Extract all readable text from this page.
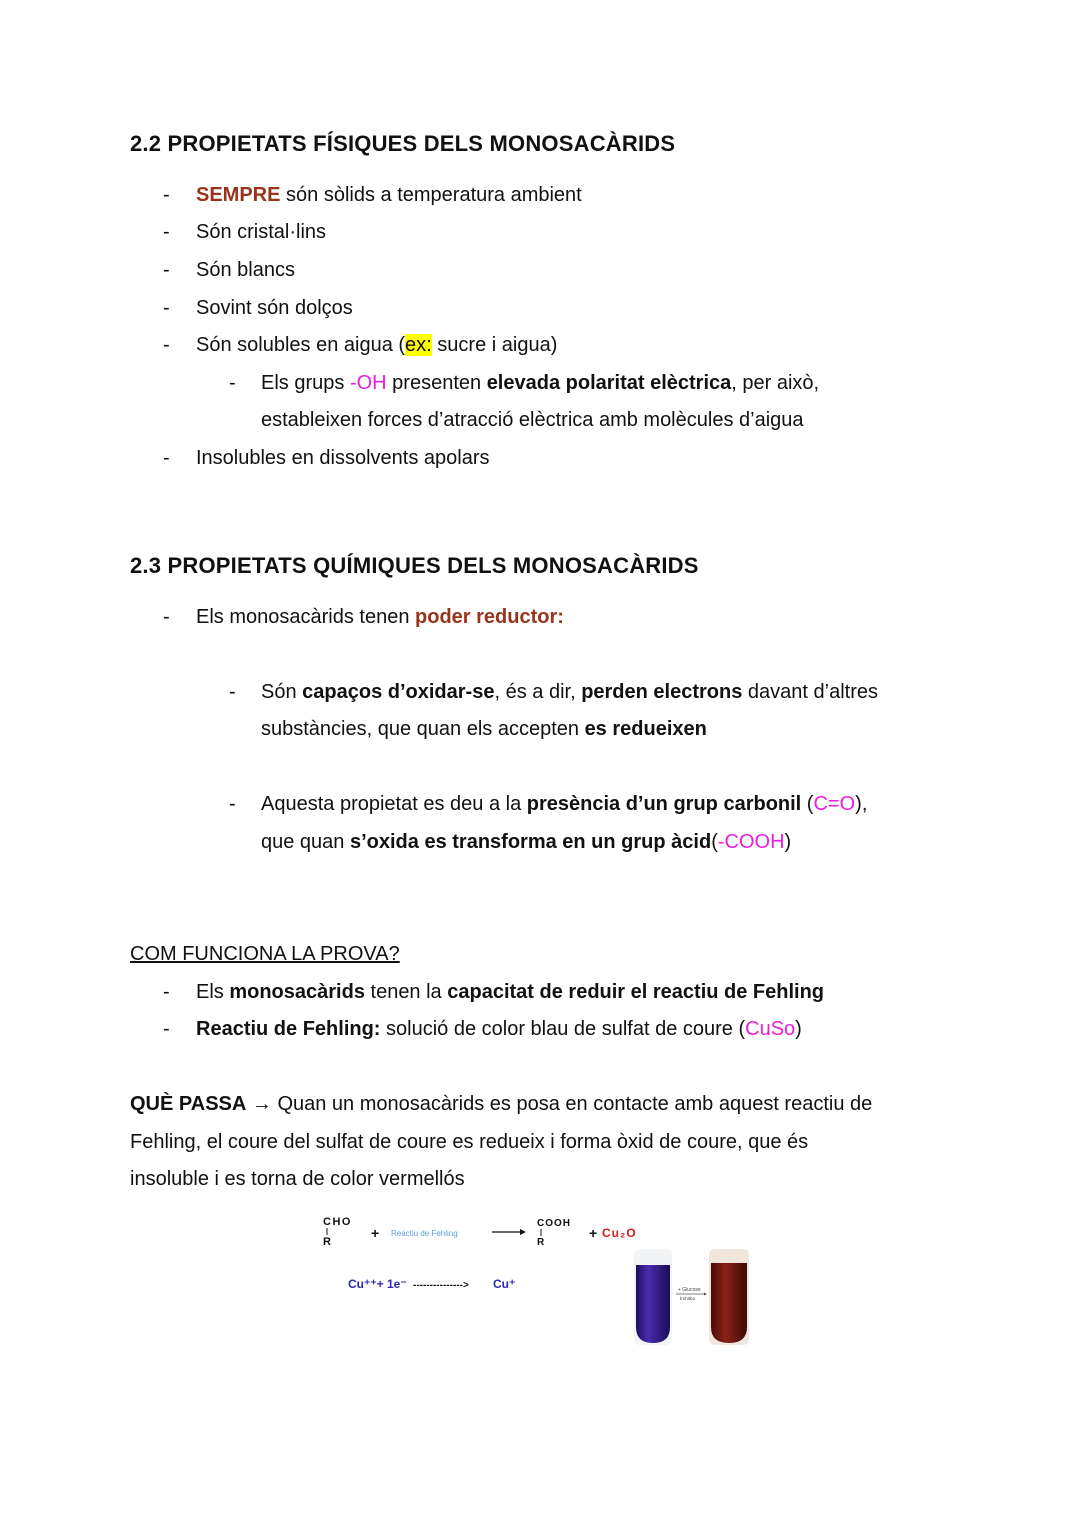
2.2 PROPIETATS FÍSIQUES DELS MONOSACÀRIDS
- SEMPRE són sòlids a temperatura ambient
- Són cristal·lins
- Són blancs
- Sovint són dolços
- Són solubles en aigua (ex: sucre i aigua)
- Els grups -OH presenten elevada polaritat elèctrica, per això,
estableixen forces d’atracció elèctrica amb molècules d’aigua
- Insolubles en dissolvents apolars
2.3 PROPIETATS QUÍMIQUES DELS MONOSACÀRIDS
- Els monosacàrids tenen poder reductor:
- Són capaços d’oxidar-se, és a dir, perden electrons davant d’altres
substàncies, que quan els accepten es redueixen
- Aquesta propietat es deu a la presència d’un grup carbonil (C=O),
que quan s’oxida es transforma en un grup àcid(-COOH)
COM FUNCIONA LA PROVA?
- Els monosacàrids tenen la capacitat de reduir el reactiu de Fehling
- Reactiu de Fehling: solució de color blau de sulfat de coure (CuSo)
QUÈ PASSA → Quan un monosacàrids es posa en contacte amb aquest reactiu de
Fehling, el coure del sulfat de coure es redueix i forma òxid de coure, que és
insoluble i es torna de color vermellós
CHO
R
+ Reactiu de Fehling
COOH
R
+ Cu₂O
Cu⁺⁺+ 1e⁻ ---------------> Cu⁺	+ Glucose
ℹ‘nhitbo
